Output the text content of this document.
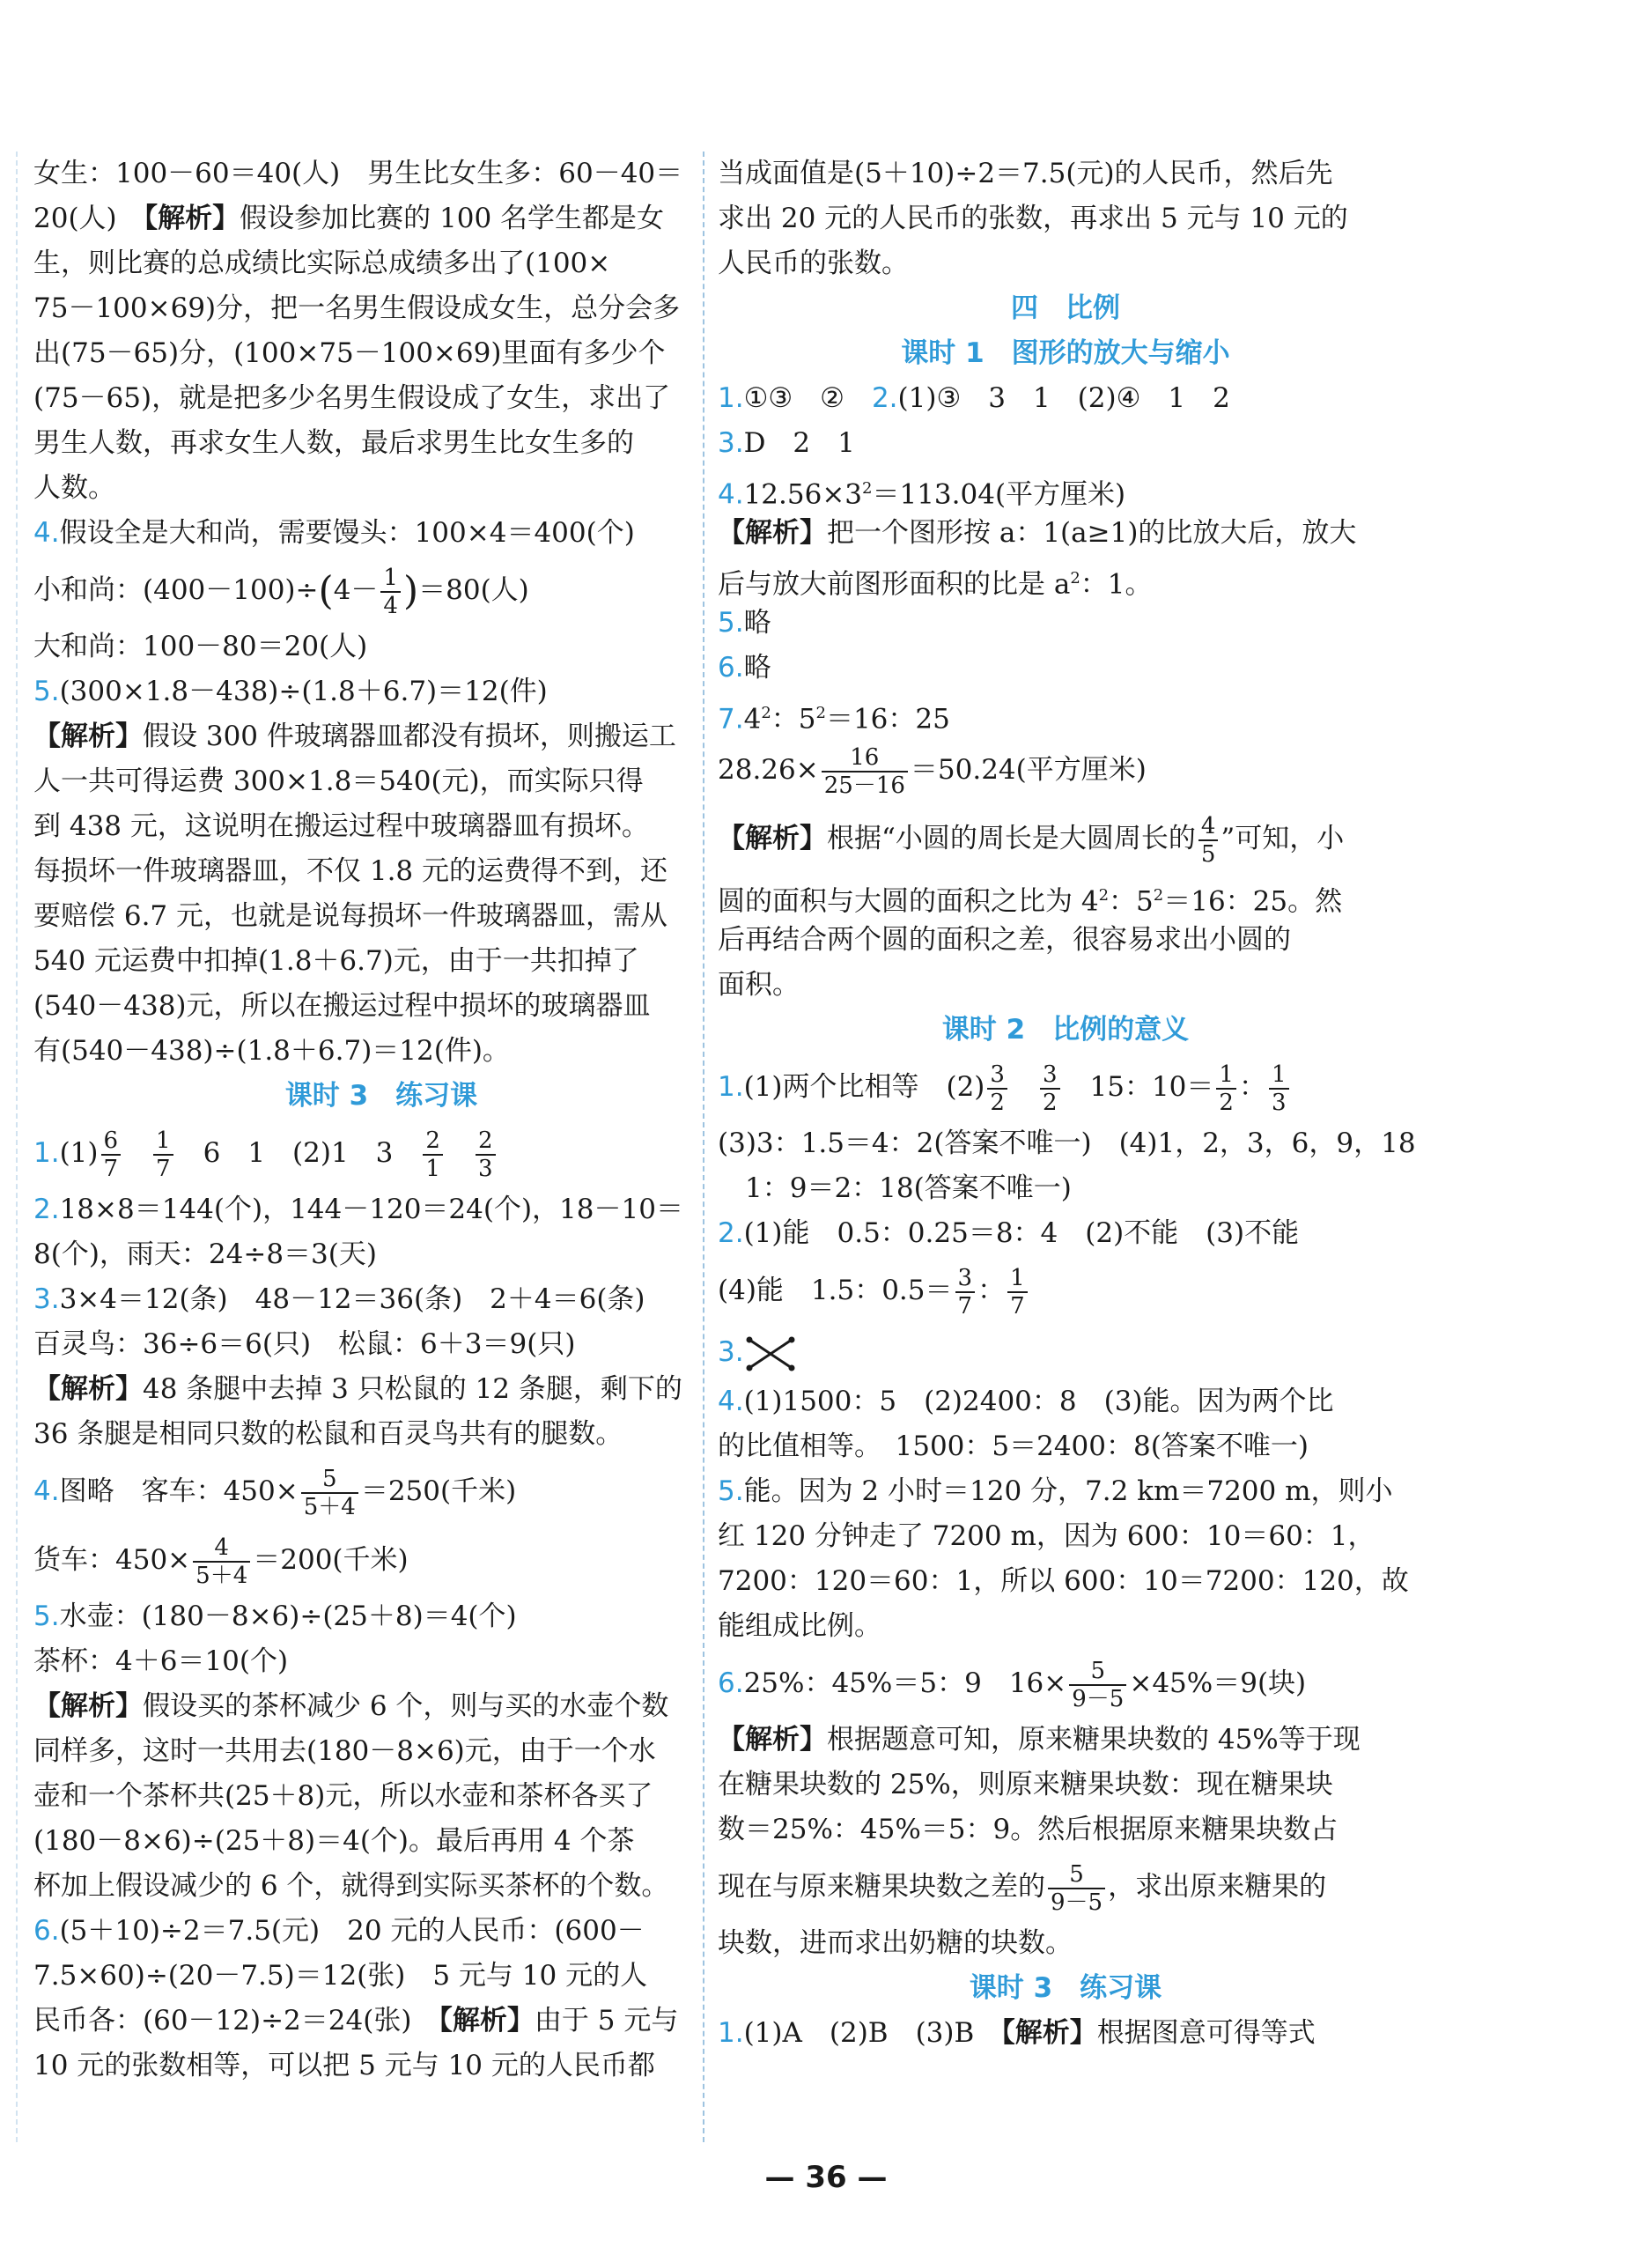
女生：100－60＝40(人)　男生比女生多：60－40＝
20(人)　【解析】假设参加比赛的 100 名学生都是女
生，则比赛的总成绩比实际总成绩多出了(100×
75－100×69)分，把一名男生假设成女生，总分会多
出(75－65)分，(100×75－100×69)里面有多少个
(75－65)，就是把多少名男生假设成了女生，求出了
男生人数，再求女生人数，最后求男生比女生多的
人数。
4.假设全是大和尚，需要馒头：100×4＝400(个)
小和尚：$(400-100)\div(4- \frac{1}{4} )=80$(人)
大和尚：100－80＝20(人)
5.(300×1.8－438)÷(1.8＋6.7)＝12(件)
【解析】假设 300 件玻璃器皿都没有损坏，则搬运工
人一共可得运费 300×1.8＝540(元)，而实际只得
到 438 元，这说明在搬运过程中玻璃器皿有损坏。
每损坏一件玻璃器皿，不仅 1.8 元的运费得不到，还
要赔偿 6.7 元，也就是说每损坏一件玻璃器皿，需从
540 元运费中扣掉(1.8＋6.7)元，由于一共扣掉了
(540－438)元，所以在搬运过程中损坏的玻璃器皿
有(540－438)÷(1.8＋6.7)＝12(件)。
课时 3　练习课
$1.(1) \frac{6}{7}$
　 $\frac{1}{7}$ 　6　1　(2)1　3　 $\frac{2}{1}$
　 $\frac{2}{3}$
2.18×8＝144(个)，144－120＝24(个)，18－10＝
8(个)，雨天：24÷8＝3(天)
3.3×4＝12(条)　48－12＝36(条)　2＋4＝6(条)
百灵鸟：36÷6＝6(只)　松鼠：6＋3＝9(只)
【解析】48 条腿中去掉 3 只松鼠的 12 条腿，剩下的
36 条腿是相同只数的松鼠和百灵鸟共有的腿数。
4.图略　客车：$450\times \frac{5}{5+4} =250$(千米)
货车：$450\times \frac{4}{5+4} =200$(千米)
5.水壶：(180－8×6)÷(25＋8)＝4(个)
茶杯：4＋6＝10(个)
【解析】假设买的茶杯减少 6 个，则与买的水壶个数
同样多，这时一共用去(180－8×6)元，由于一个水
壶和一个茶杯共(25＋8)元，所以水壶和茶杯各买了
(180－8×6)÷(25＋8)＝4(个)。最后再用 4 个茶
杯加上假设减少的 6 个，就得到实际买茶杯的个数。
6.(5＋10)÷2＝7.5(元)　20 元的人民币：(600－
7.5×60)÷(20－7.5)＝12(张)　5 元与 10 元的人
民币各：(60－12)÷2＝24(张)　【解析】由于 5 元与
10 元的张数相等，可以把 5 元与 10 元的人民币都
当成面值是(5＋10)÷2＝7.5(元)的人民币，然后先
求出 20 元的人民币的张数，再求出 5 元与 10 元的
人民币的张数。
四　比例
课时 1　图形的放大与缩小
1.①③　②　2.(1)③　3　1　(2)④　1　2
3.D　2　1
$4.12.56\times 3^2=113.04$(平方厘米)
【解析】把一个图形按 a：1(a≥1)的比放大后，放大
后与放大前图形面积的比是 $a^2$：1。
5.略
6.略
$7.4^2$：$5^2=16$：25
$28.26\times \frac{16}{25-16} =50.24$(平方厘米)
【解析】根据“小圆的周长是大圆周长的 $\frac{4}{5}$ ”可知，小
圆的面积与大圆的面积之比为 $4^2$：$5^2=16$：25。然
后再结合两个圆的面积之差，很容易求出小圆的
面积。
课时 2　比例的意义
1.(1)两个比相等　$(2) \frac{3}{2}$
　 $\frac{3}{2}$ 　15：$10= \frac{1}{2}$ ： $\frac{1}{3}$
(3)3：1.5＝4：2(答案不唯一)　(4)1，2，3，6，9，18
　1：9＝2：18(答案不唯一)
2.(1)能　0.5：0.25＝8：4　(2)不能　(3)不能
(4)能　1.5：$0.5= \frac{3}{7}$ ： $\frac{1}{7}$
3.
4.(1)1500：5　(2)2400：8　(3)能。因为两个比
的比值相等。　1500：5＝2400：8(答案不唯一)
5.能。因为 2 小时＝120 分，7.2 km＝7200 m，则小
红 120 分钟走了 7200 m，因为 600：10＝60：1，
7200：120＝60：1，所以 600：10＝7200：120，故
能组成比例。
6.25%：45%＝5：9　$16\times \frac{5}{9-5} \times 45\%=9$(块)
【解析】根据题意可知，原来糖果块数的 45%等于现
在糖果块数的 25%，则原来糖果块数：现在糖果块
数＝25%：45%＝5：9。然后根据原来糖果块数占
现在与原来糖果块数之差的 $\frac{5}{9-5}$ ，求出原来糖果的
块数，进而求出奶糖的块数。
课时 3　练习课
1.(1)A　(2)B　(3)B　【解析】根据图意可得等式
— 36 —
